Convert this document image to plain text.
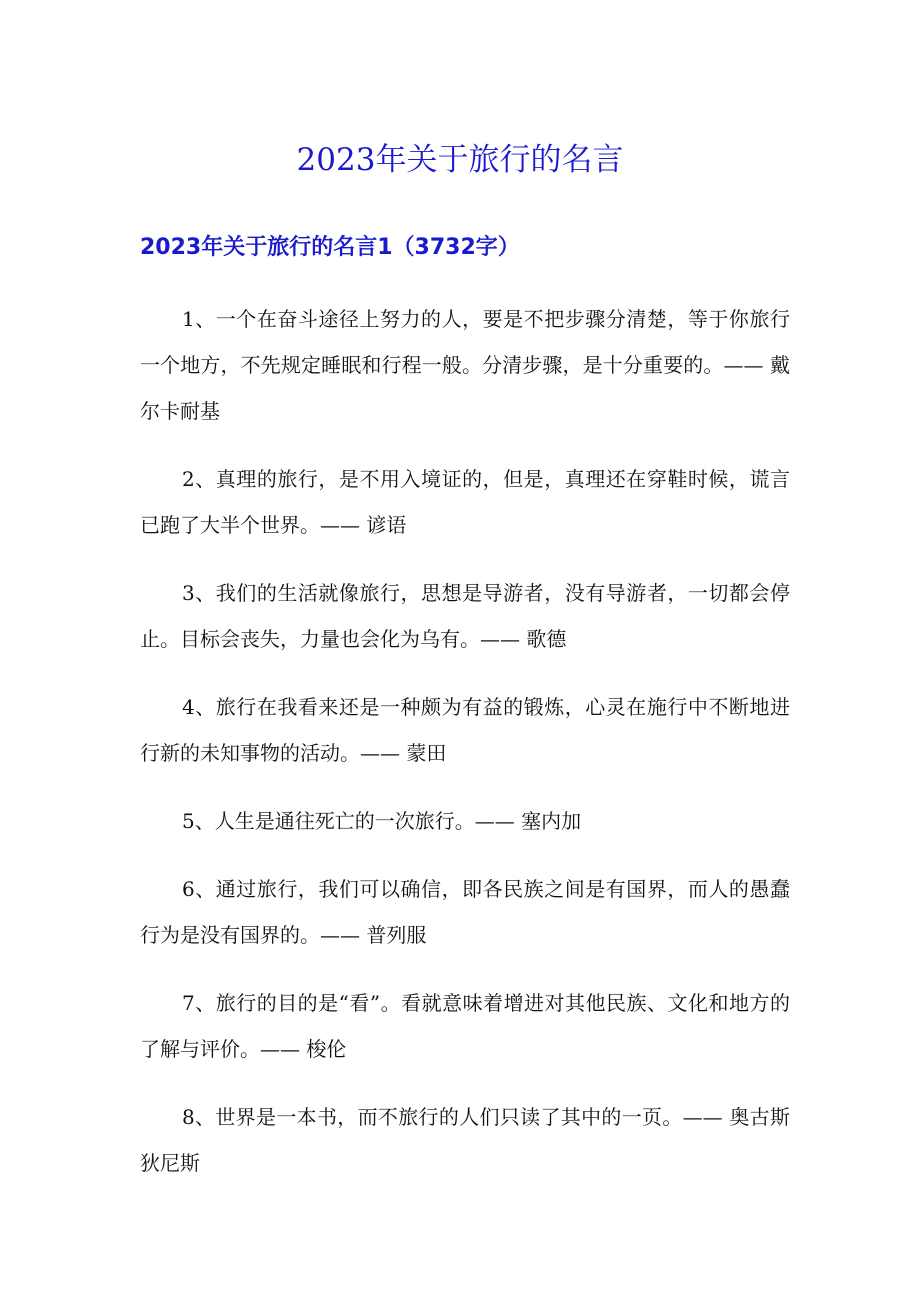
2023年关于旅行的名言
2023年关于旅行的名言1（3732字）
1、一个在奋斗途径上努力的人，要是不把步骤分清楚，等于你旅行一个地方，不先规定睡眠和行程一般。分清步骤，是十分重要的。—— 戴尔卡耐基
2、真理的旅行，是不用入境证的，但是，真理还在穿鞋时候，谎言已跑了大半个世界。—— 谚语
3、我们的生活就像旅行，思想是导游者，没有导游者，一切都会停止。目标会丧失，力量也会化为乌有。—— 歌德
4、旅行在我看来还是一种颇为有益的锻炼，心灵在施行中不断地进行新的未知事物的活动。—— 蒙田
5、人生是通往死亡的一次旅行。—— 塞内加
6、通过旅行，我们可以确信，即各民族之间是有国界，而人的愚蠢行为是没有国界的。—— 普列服
7、旅行的目的是“看”。看就意味着增进对其他民族、文化和地方的了解与评价。—— 梭伦
8、世界是一本书，而不旅行的人们只读了其中的一页。—— 奥古斯狄尼斯
